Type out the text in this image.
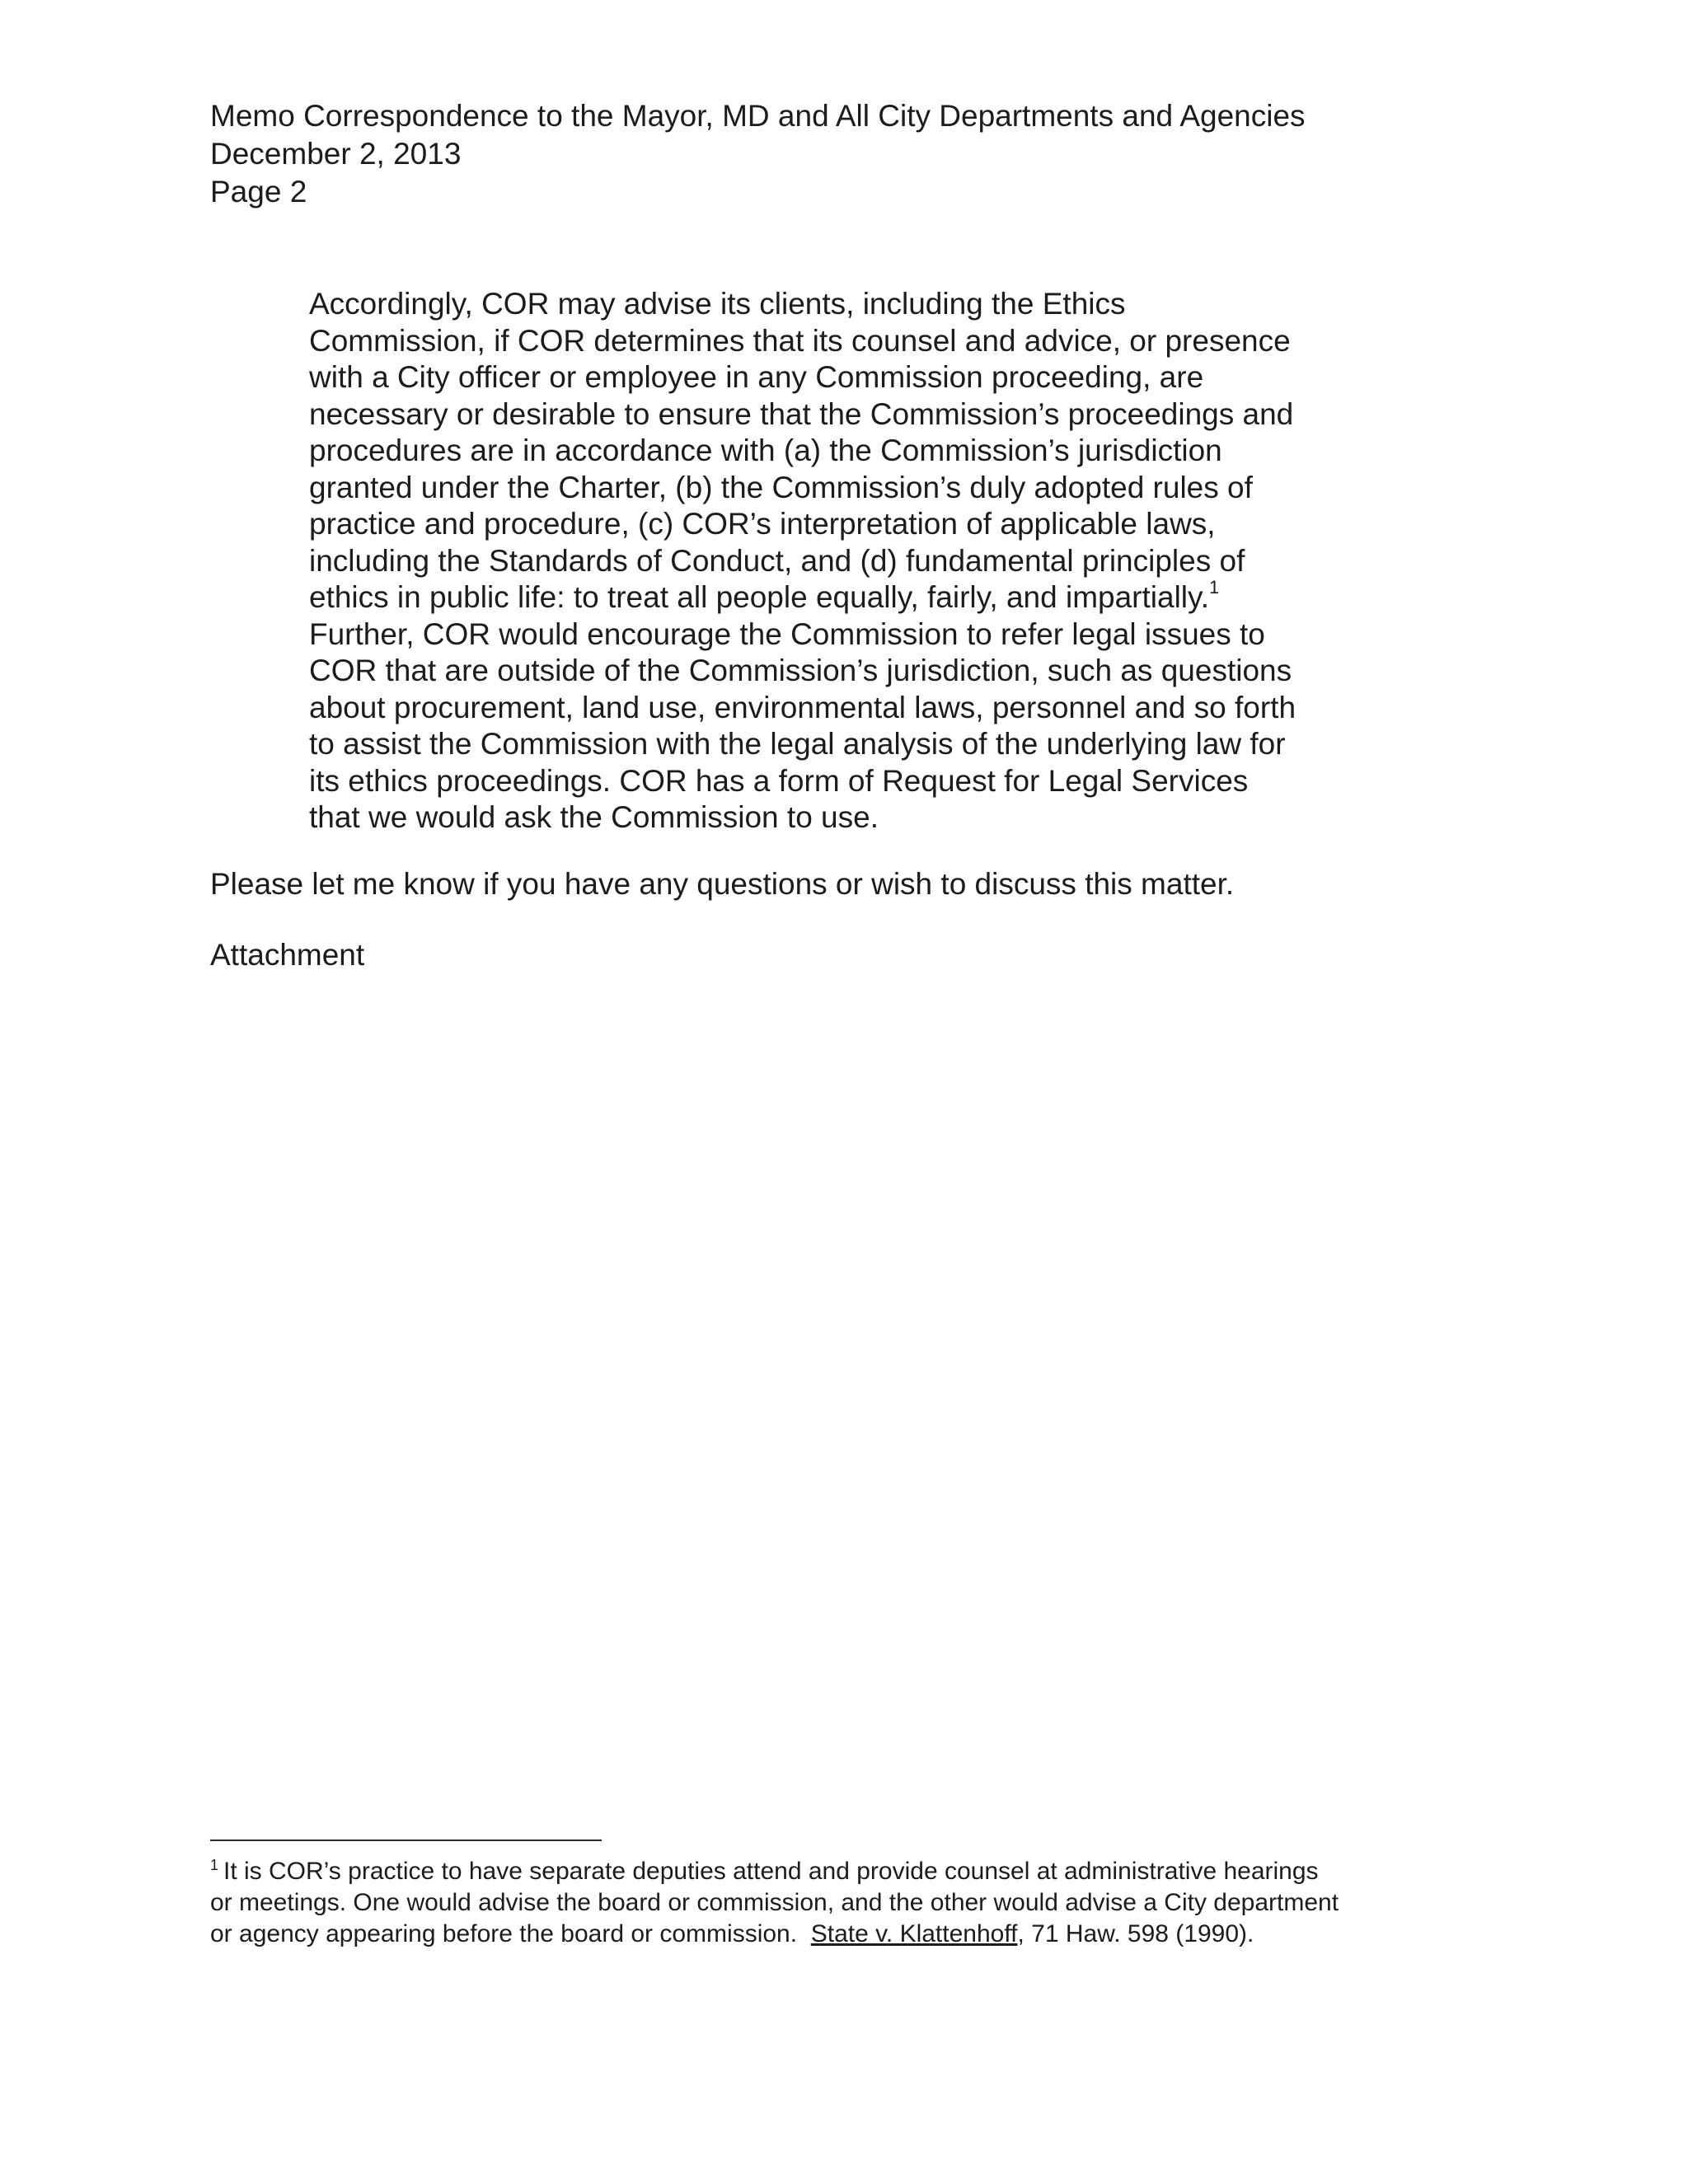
Memo Correspondence to the Mayor, MD and All City Departments and Agencies
December 2, 2013
Page 2
Accordingly, COR may advise its clients, including the Ethics
Commission, if COR determines that its counsel and advice, or presence
with a City officer or employee in any Commission proceeding, are
necessary or desirable to ensure that the Commission’s proceedings and
procedures are in accordance with (a) the Commission’s jurisdiction
granted under the Charter, (b) the Commission’s duly adopted rules of
practice and procedure, (c) COR’s interpretation of applicable laws,
including the Standards of Conduct, and (d) fundamental principles of
ethics in public life: to treat all people equally, fairly, and impartially.$^1$
Further, COR would encourage the Commission to refer legal issues to
COR that are outside of the Commission’s jurisdiction, such as questions
about procurement, land use, environmental laws, personnel and so forth
to assist the Commission with the legal analysis of the underlying law for
its ethics proceedings. COR has a form of Request for Legal Services
that we would ask the Commission to use.
Please let me know if you have any questions or wish to discuss this matter.
Attachment
$^1$ It is COR’s practice to have separate deputies attend and provide counsel at administrative hearings
or meetings. One would advise the board or commission, and the other would advise a City department
or agency appearing before the board or commission.  State v. Klattenhoff, 71 Haw. 598 (1990).
